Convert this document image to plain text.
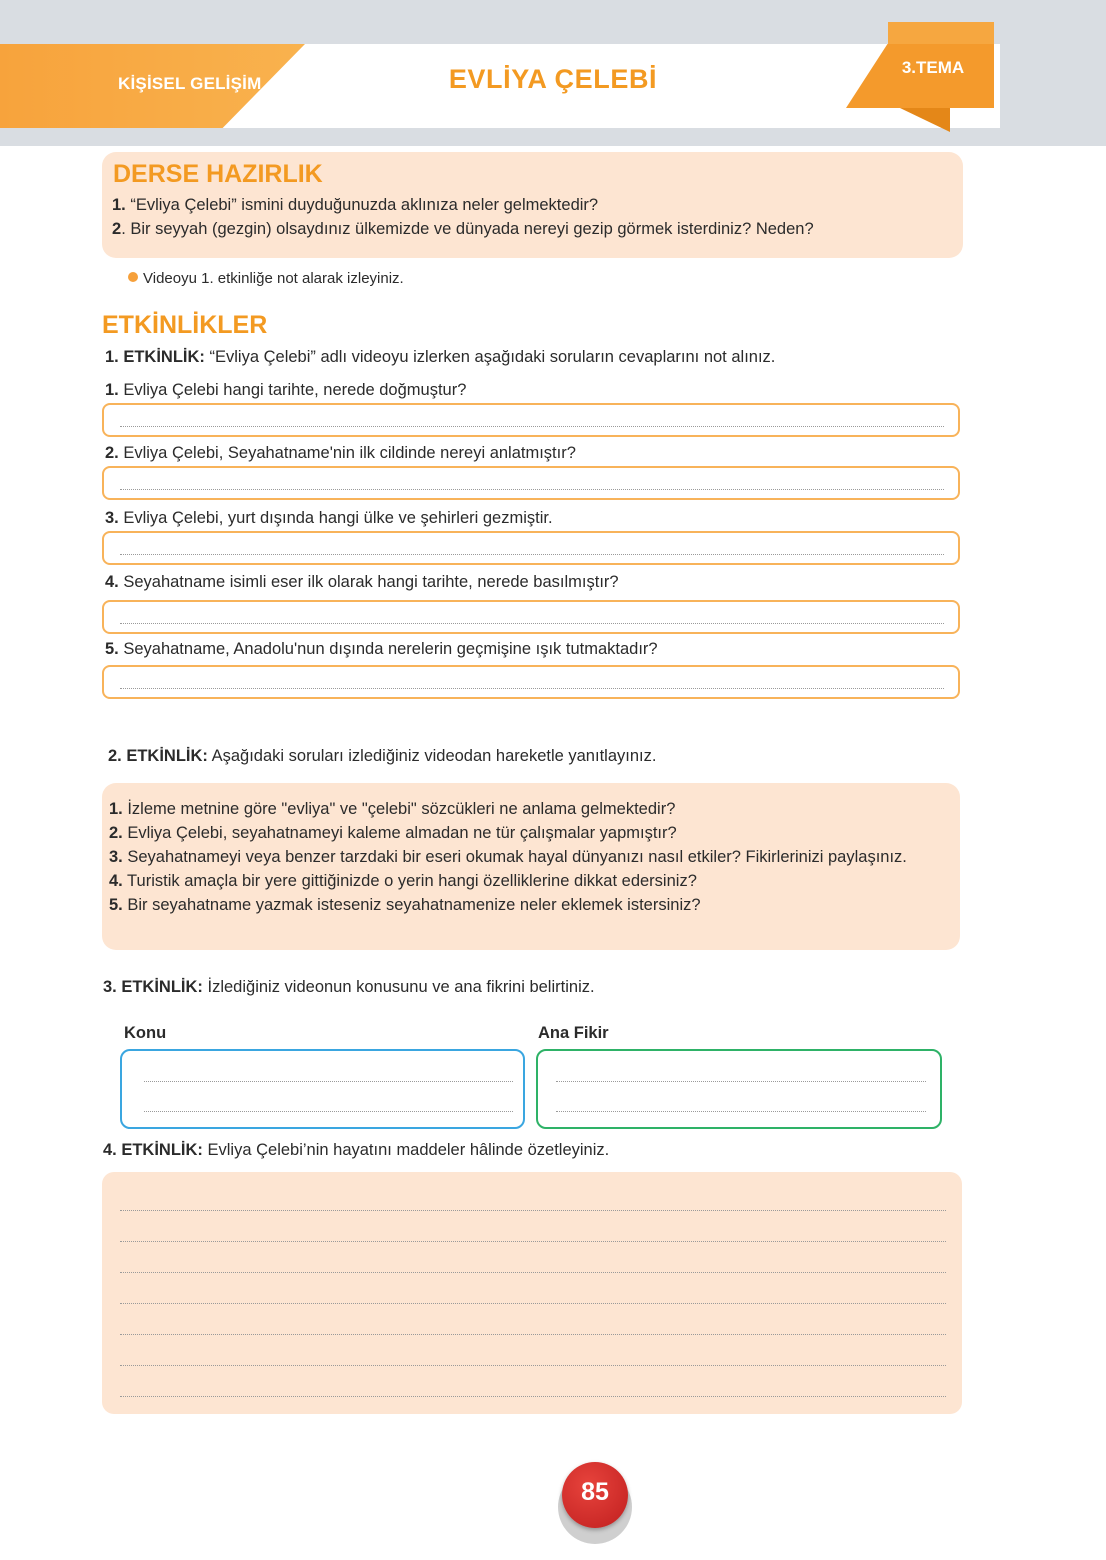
KİŞİSEL GELİŞİM	EVLİYA ÇELEBİ	3.TEMA
DERSE HAZIRLIK
1. “Evliya Çelebi” ismini duyduğunuzda aklınıza neler gelmektedir?
2. Bir seyyah (gezgin) olsaydınız ülkemizde ve dünyada nereyi gezip görmek isterdiniz? Neden?
Videoyu 1. etkinliğe not alarak izleyiniz.
ETKİNLİKLER
1. ETKİNLİK: “Evliya Çelebi” adlı videoyu izlerken aşağıdaki soruların cevaplarını not alınız.
1. Evliya Çelebi hangi tarihte, nerede doğmuştur?
2. Evliya Çelebi, Seyahatname'nin ilk cildinde nereyi anlatmıştır?
3. Evliya Çelebi, yurt dışında hangi ülke ve şehirleri gezmiştir.
4. Seyahatname isimli eser ilk olarak hangi tarihte, nerede basılmıştır?
5. Seyahatname, Anadolu'nun dışında nerelerin geçmişine ışık tutmaktadır?
2. ETKİNLİK: Aşağıdaki soruları izlediğiniz videodan hareketle yanıtlayınız.
1. İzleme metnine göre "evliya" ve "çelebi" sözcükleri ne anlama gelmektedir?
2. Evliya Çelebi, seyahatnameyi kaleme almadan ne tür çalışmalar yapmıştır?
3. Seyahatnameyi veya benzer tarzdaki bir eseri okumak hayal dünyanızı nasıl etkiler? Fikirlerinizi paylaşınız.
4. Turistik amaçla bir yere gittiğinizde o yerin hangi özelliklerine dikkat edersiniz?
5. Bir seyahatname yazmak isteseniz seyahatnamenize neler eklemek istersiniz?
3. ETKİNLİK: İzlediğiniz videonun konusunu ve ana fikrini belirtiniz.
Konu	Ana Fikir
4. ETKİNLİK: Evliya Çelebi’nin hayatını maddeler hâlinde özetleyiniz.
85
